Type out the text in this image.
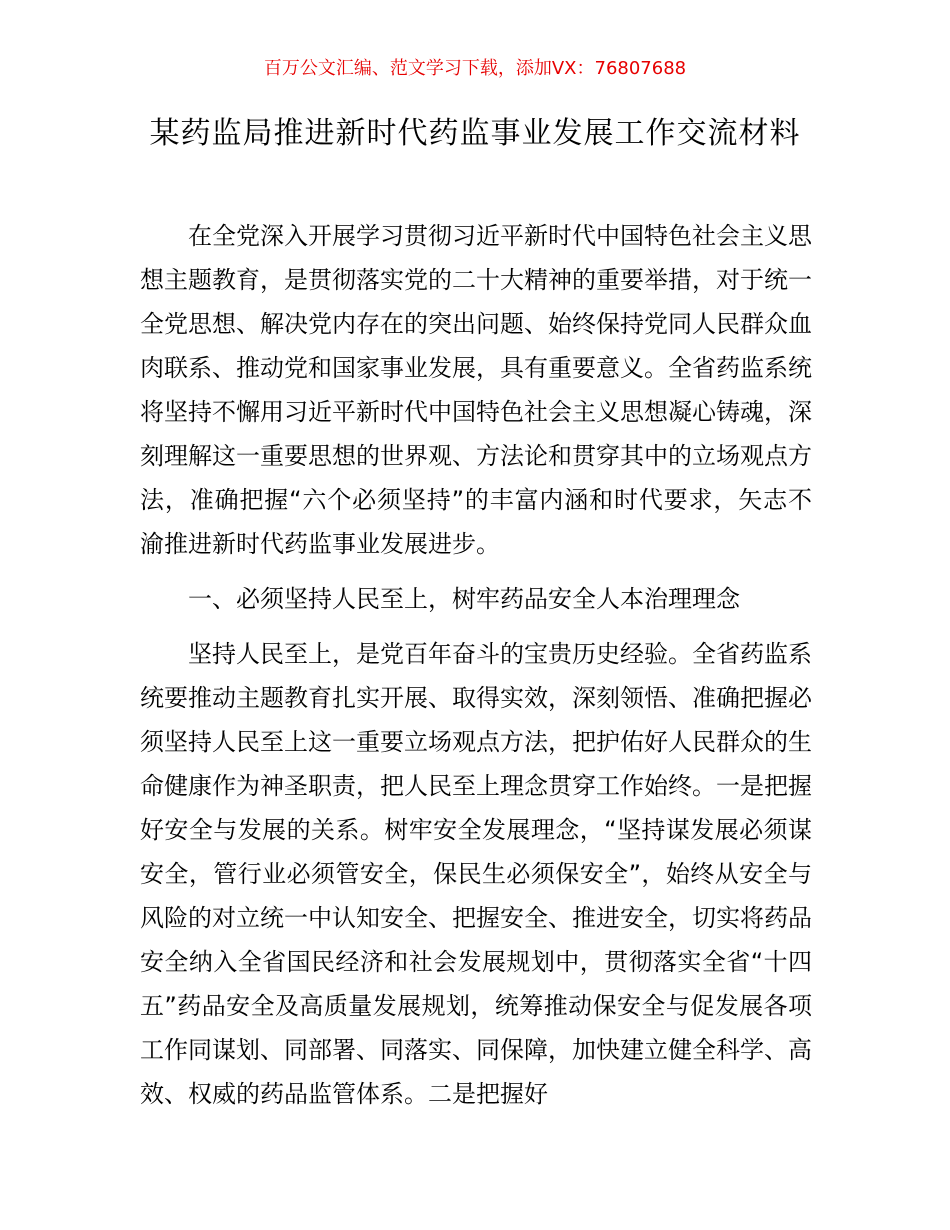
百万公文汇编、范文学习下载，添加VX：76807688
某药监局推进新时代药监事业发展工作交流材料

在全党深入开展学习贯彻习近平新时代中国特色社会主义思想主题教育，是贯彻落实党的二十大精神的重要举措，对于统一全党思想、解决党内存在的突出问题、始终保持党同人民群众血肉联系、推动党和国家事业发展，具有重要意义。全省药监系统将坚持不懈用习近平新时代中国特色社会主义思想凝心铸魂，深刻理解这一重要思想的世界观、方法论和贯穿其中的立场观点方法，准确把握“六个必须坚持”的丰富内涵和时代要求，矢志不渝推进新时代药监事业发展进步。

一、必须坚持人民至上，树牢药品安全人本治理理念

坚持人民至上，是党百年奋斗的宝贵历史经验。全省药监系统要推动主题教育扎实开展、取得实效，深刻领悟、准确把握必须坚持人民至上这一重要立场观点方法，把护佑好人民群众的生命健康作为神圣职责，把人民至上理念贯穿工作始终。一是把握好安全与发展的关系。树牢安全发展理念，“坚持谋发展必须谋安全，管行业必须管安全，保民生必须保安全”，始终从安全与风险的对立统一中认知安全、把握安全、推进安全，切实将药品安全纳入全省国民经济和社会发展规划中，贯彻落实全省“十四五”药品安全及高质量发展规划，统筹推动保安全与促发展各项工作同谋划、同部署、同落实、同保障，加快建立健全科学、高效、权威的药品监管体系。二是把握好
